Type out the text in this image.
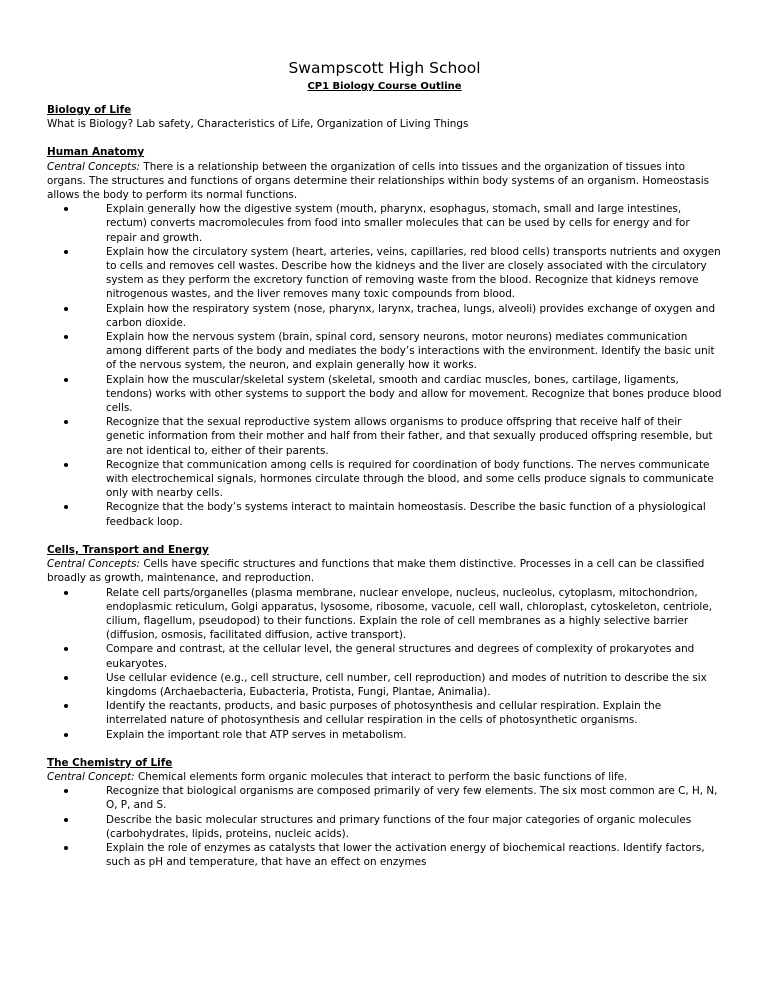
Swampscott High School
CP1 Biology Course Outline
Biology of Life
What is Biology? Lab safety, Characteristics of Life, Organization of Living Things
Human Anatomy
Central Concepts: There is a relationship between the organization of cells into tissues and the organization of tissues into organs. The structures and functions of organs determine their relationships within body systems of an organism. Homeostasis allows the body to perform its normal functions.
Explain generally how the digestive system (mouth, pharynx, esophagus, stomach, small and large intestines, rectum) converts macromolecules from food into smaller molecules that can be used by cells for energy and for repair and growth.
Explain how the circulatory system (heart, arteries, veins, capillaries, red blood cells) transports nutrients and oxygen to cells and removes cell wastes. Describe how the kidneys and the liver are closely associated with the circulatory system as they perform the excretory function of removing waste from the blood. Recognize that kidneys remove nitrogenous wastes, and the liver removes many toxic compounds from blood.
Explain how the respiratory system (nose, pharynx, larynx, trachea, lungs, alveoli) provides exchange of oxygen and carbon dioxide.
Explain how the nervous system (brain, spinal cord, sensory neurons, motor neurons) mediates communication among different parts of the body and mediates the body’s interactions with the environment. Identify the basic unit of the nervous system, the neuron, and explain generally how it works.
Explain how the muscular/skeletal system (skeletal, smooth and cardiac muscles, bones, cartilage, ligaments, tendons) works with other systems to support the body and allow for movement. Recognize that bones produce blood cells.
Recognize that the sexual reproductive system allows organisms to produce offspring that receive half of their genetic information from their mother and half from their father, and that sexually produced offspring resemble, but are not identical to, either of their parents.
Recognize that communication among cells is required for coordination of body functions. The nerves communicate with electrochemical signals, hormones circulate through the blood, and some cells produce signals to communicate only with nearby cells.
Recognize that the body’s systems interact to maintain homeostasis. Describe the basic function of a physiological feedback loop.
Cells, Transport and Energy
Central Concepts: Cells have specific structures and functions that make them distinctive. Processes in a cell can be classified broadly as growth, maintenance, and reproduction.
Relate cell parts/organelles (plasma membrane, nuclear envelope, nucleus, nucleolus, cytoplasm, mitochondrion, endoplasmic reticulum, Golgi apparatus, lysosome, ribosome, vacuole, cell wall, chloroplast, cytoskeleton, centriole, cilium, flagellum, pseudopod) to their functions. Explain the role of cell membranes as a highly selective barrier (diffusion, osmosis, facilitated diffusion, active transport).
Compare and contrast, at the cellular level, the general structures and degrees of complexity of prokaryotes and eukaryotes.
Use cellular evidence (e.g., cell structure, cell number, cell reproduction) and modes of nutrition to describe the six kingdoms (Archaebacteria, Eubacteria, Protista, Fungi, Plantae, Animalia).
Identify the reactants, products, and basic purposes of photosynthesis and cellular respiration. Explain the interrelated nature of photosynthesis and cellular respiration in the cells of photosynthetic organisms.
Explain the important role that ATP serves in metabolism.
The Chemistry of Life
Central Concept: Chemical elements form organic molecules that interact to perform the basic functions of life.
Recognize that biological organisms are composed primarily of very few elements. The six most common are C, H, N, O, P, and S.
Describe the basic molecular structures and primary functions of the four major categories of organic molecules (carbohydrates, lipids, proteins, nucleic acids).
Explain the role of enzymes as catalysts that lower the activation energy of biochemical reactions. Identify factors, such as pH and temperature, that have an effect on enzymes
